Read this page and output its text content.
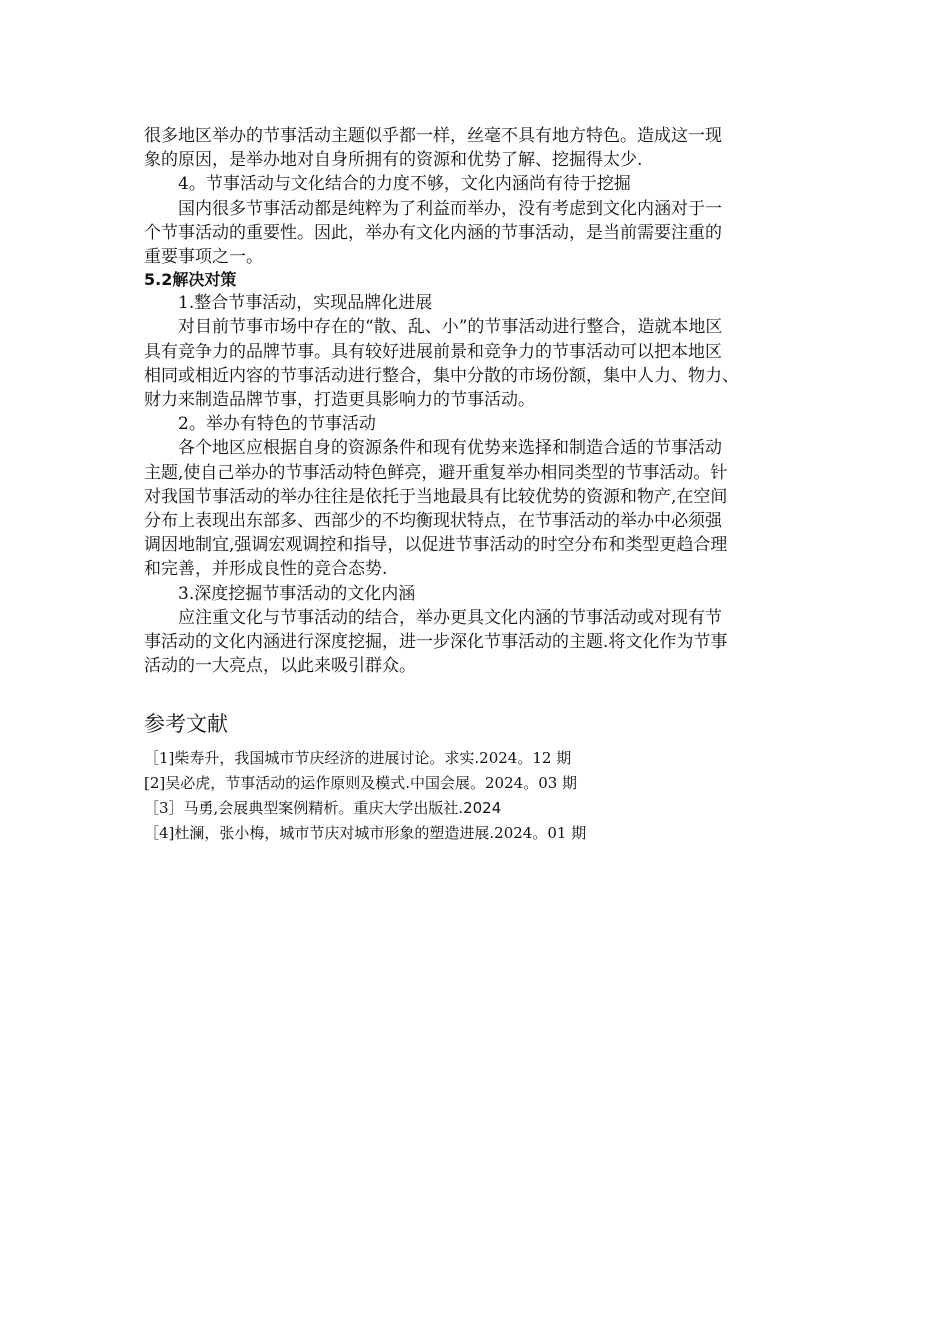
很多地区举办的节事活动主题似乎都一样，丝毫不具有地方特色。造成这一现
象的原因，是举办地对自身所拥有的资源和优势了解、挖掘得太少.
4。节事活动与文化结合的力度不够，文化内涵尚有待于挖掘
国内很多节事活动都是纯粹为了利益而举办，没有考虑到文化内涵对于一
个节事活动的重要性。因此，举办有文化内涵的节事活动，是当前需要注重的
重要事项之一。
5.2解决对策
1.整合节事活动，实现品牌化进展
对目前节事市场中存在的“散、乱、小”的节事活动进行整合，造就本地区
具有竞争力的品牌节事。具有较好进展前景和竞争力的节事活动可以把本地区
相同或相近内容的节事活动进行整合，集中分散的市场份额，集中人力、物力、
财力来制造品牌节事，打造更具影响力的节事活动。
2。举办有特色的节事活动
各个地区应根据自身的资源条件和现有优势来选择和制造合适的节事活动
主题,使自己举办的节事活动特色鲜亮，避开重复举办相同类型的节事活动。针
对我国节事活动的举办往往是依托于当地最具有比较优势的资源和物产,在空间
分布上表现出东部多、西部少的不均衡现状特点，在节事活动的举办中必须强
调因地制宜,强调宏观调控和指导，以促进节事活动的时空分布和类型更趋合理
和完善，并形成良性的竞合态势.
3.深度挖掘节事活动的文化内涵
应注重文化与节事活动的结合，举办更具文化内涵的节事活动或对现有节
事活动的文化内涵进行深度挖掘，进一步深化节事活动的主题.将文化作为节事
活动的一大亮点，以此来吸引群众。
参考文献
［1]柴寿升，我国城市节庆经济的进展讨论。求实.2024。12 期
[2]吴必虎，节事活动的运作原则及模式.中国会展。2024。03 期
［3］马勇,会展典型案例精析。重庆大学出版社.2024
［4]杜澜，张小梅，城市节庆对城市形象的塑造进展.2024。01 期
